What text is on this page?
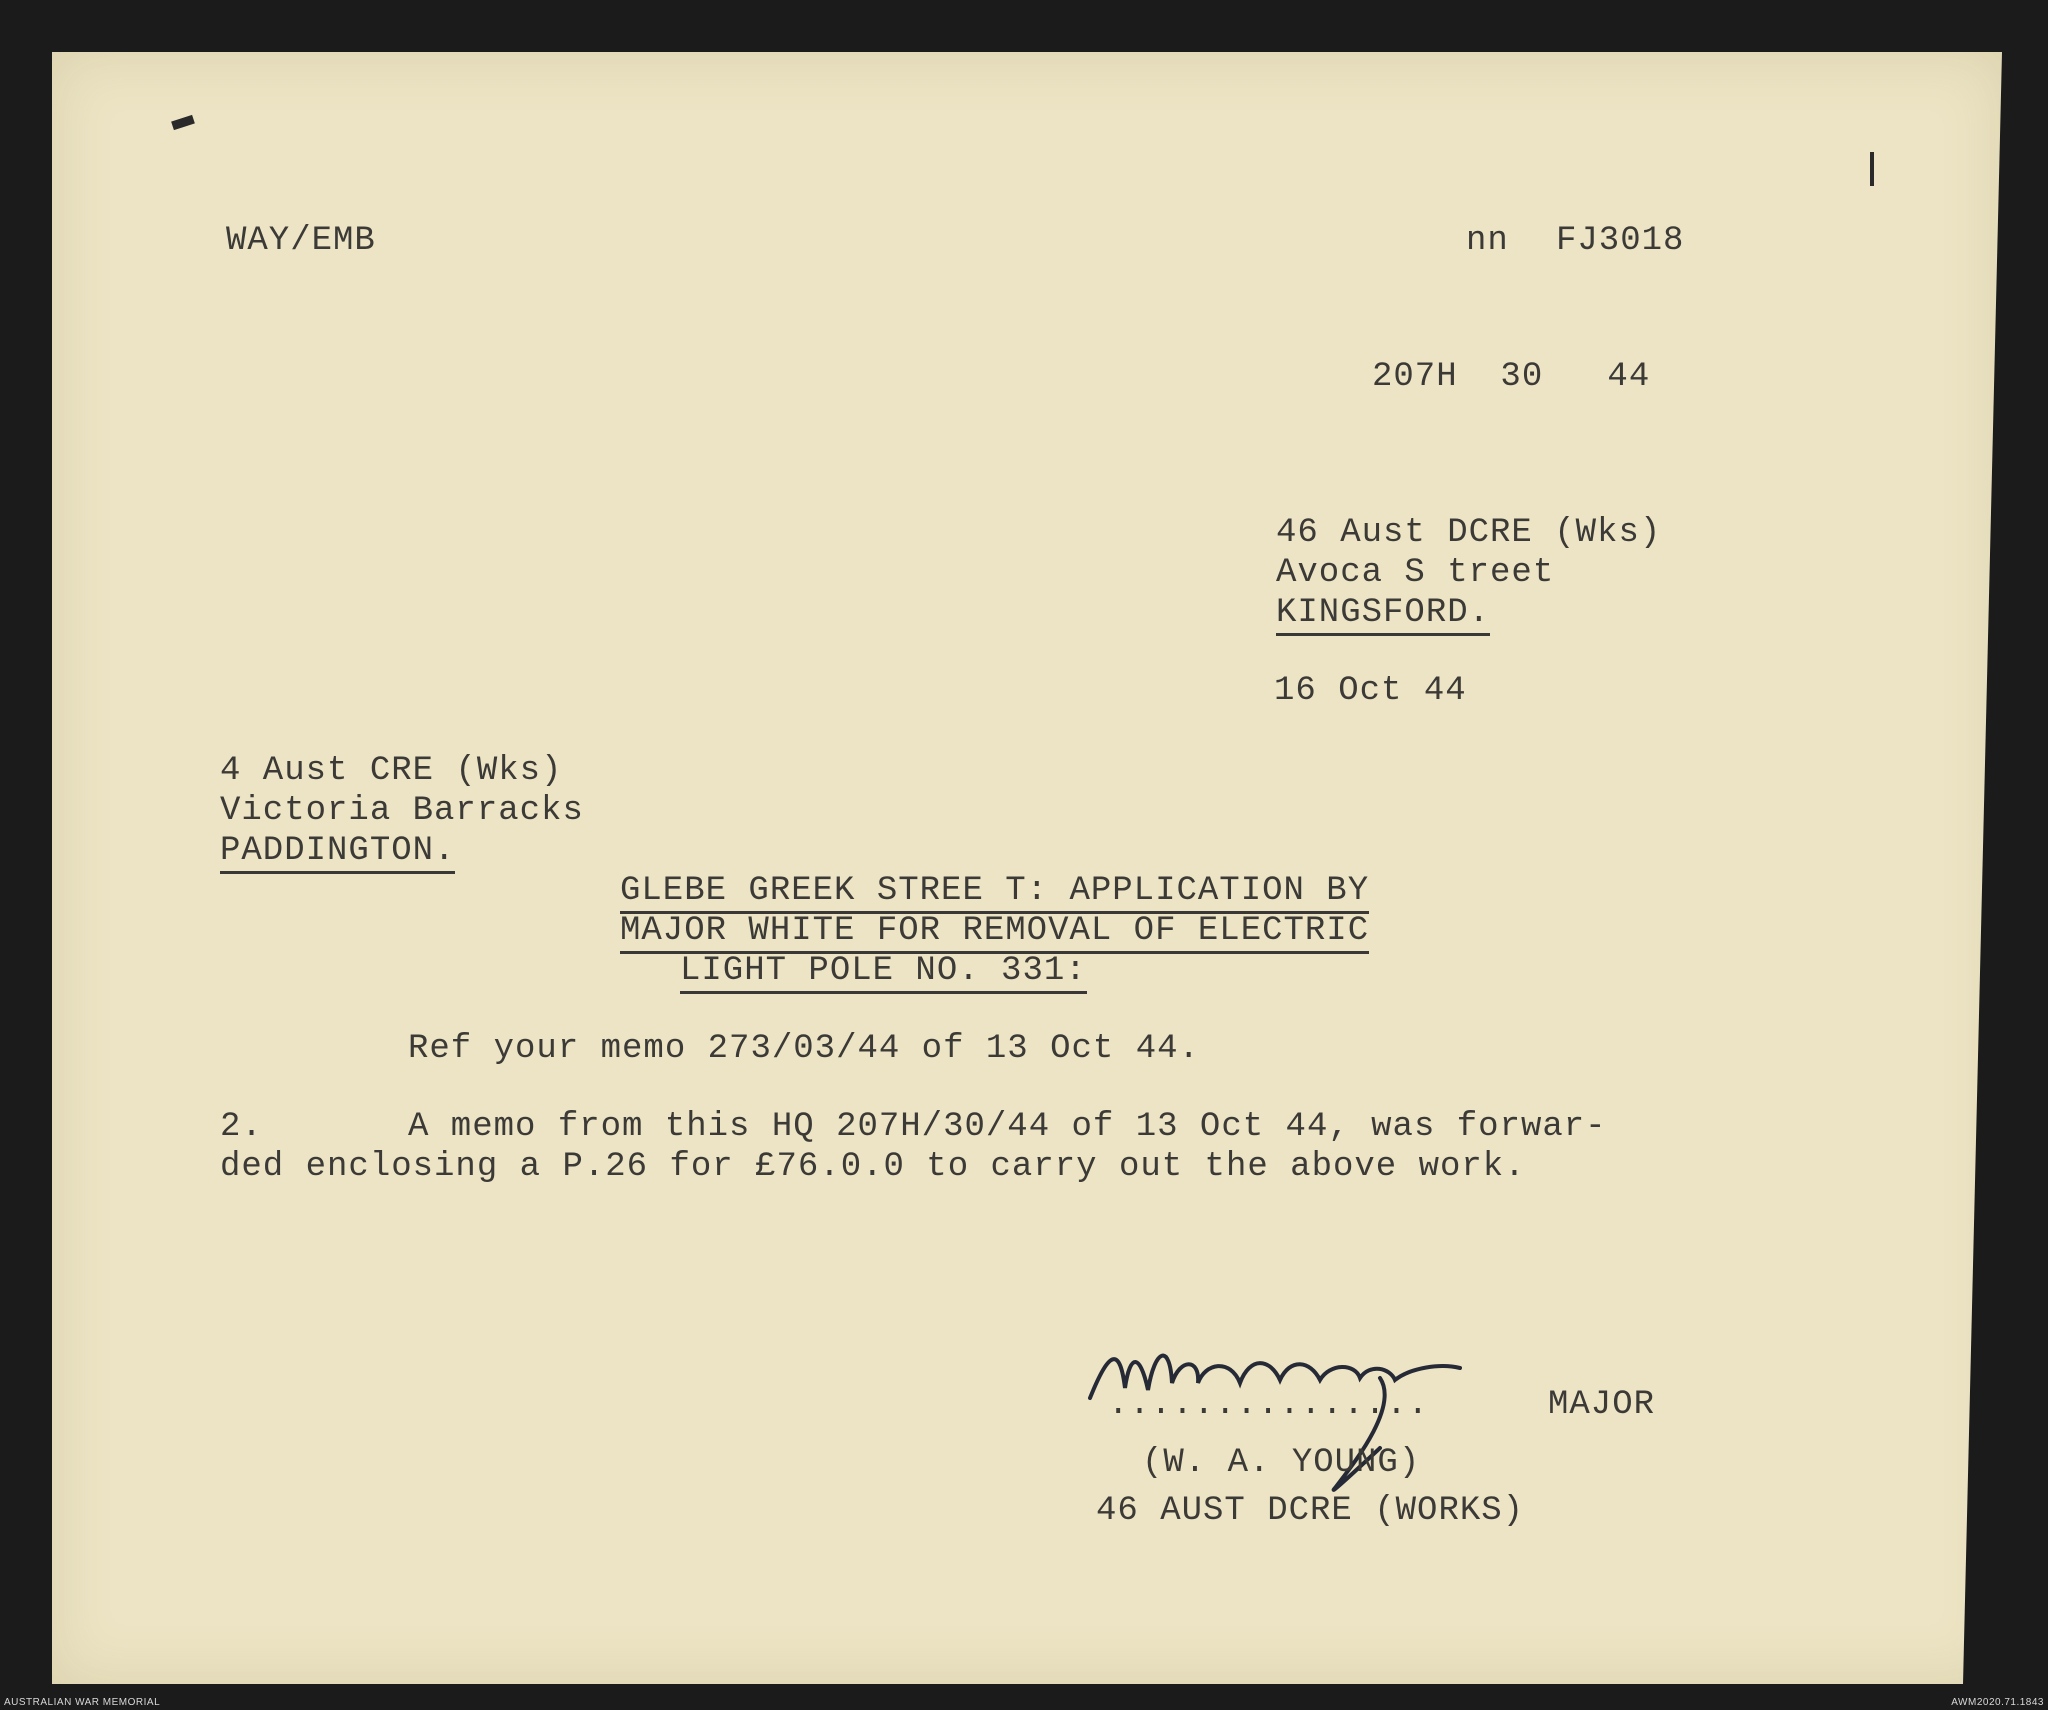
WAY/EMB	nn FJ3018
207H  30   44
46 Aust DCRE (Wks)
Avoca S treet
KINGSFORD.
16 Oct 44
4 Aust CRE (Wks)
Victoria Barracks
PADDINGTON.
GLEBE GREEK STREE T: APPLICATION BY
MAJOR WHITE FOR REMOVAL OF ELECTRIC
LIGHT POLE NO. 331:
Ref your memo 273/03/44 of 13 Oct 44.
2.	A memo from this HQ 207H/30/44 of 13 Oct 44, was forwar-
ded enclosing a P.26 for £76.0.0 to carry out the above work.
...............	MAJOR
(W. A. YOUNG)
46 AUST DCRE (WORKS)
AUSTRALIAN WAR MEMORIAL	AWM2020.71.1843
